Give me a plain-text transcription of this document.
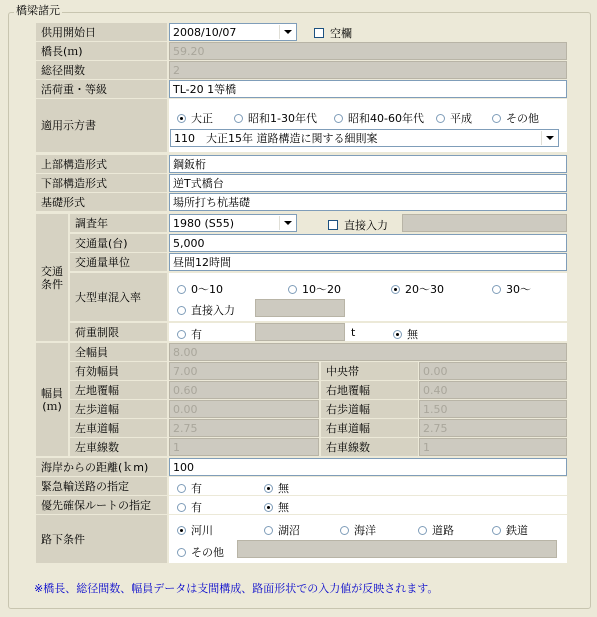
橋梁諸元
供用開始日	2008/10/07	空欄
橋長(ｍ)	59.20
総径間数	2
活荷重・等級	TL-20 1等橋
適用示方書
大正	昭和1-30年代	昭和40-60年代 平成	その他
110　大正15年 道路構造に関する細則案
上部構造形式	鋼鈑桁
下部構造形式	逆T式橋台
基礎形式	場所打ち杭基礎
交通
条件
調査年	1980 (S55)	直接入力
交通量(台)	5,000
交通量単位	昼間12時間
大型車混入率
0～10	10～20	20～30	30～
直接入力
荷重制限	有	t	無
幅員
(ｍ)
全幅員	8.00
有効幅員	7.00	中央帯	0.00
左地覆幅	0.60	右地覆幅	0.40
左歩道幅	0.00	右歩道幅	1.50
左車道幅	2.75	右車道幅	2.75
左車線数	1	右車線数	1
海岸からの距離(ｋm)	100
緊急輸送路の指定	有	無
優先確保ルートの指定	有	無
路下条件
河川	湖沼	海洋	道路	鉄道
その他
※橋長、総径間数、幅員データは支間構成、路面形状での入力値が反映されます。
